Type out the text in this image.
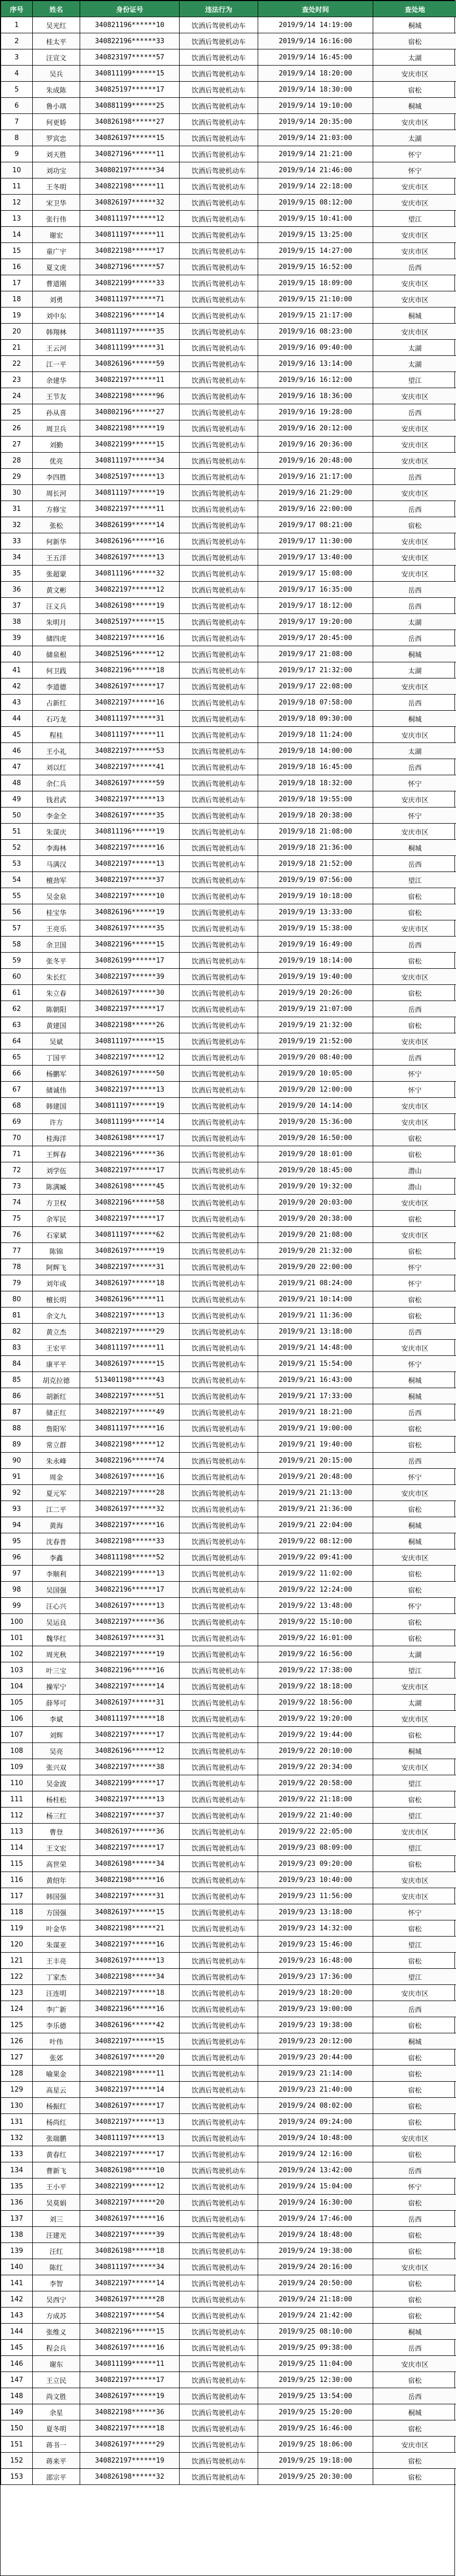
序号	姓名	身份证号	违法行为	查处时间	查处地
1	吴光红	340821196******10	饮酒后驾驶机动车	2019/9/14 14:19:00	桐城
2	桂太平	340822196******33	饮酒后驾驶机动车	2019/9/14 16:16:00	宿松
3	汪宣文	340823197******57	饮酒后驾驶机动车	2019/9/14 16:45:00	太湖
4	吴兵	340811199******15	饮酒后驾驶机动车	2019/9/14 18:20:00	安庆市区
5	朱成陈	340825197******17	饮酒后驾驶机动车	2019/9/14 18:30:00	宿松
6	鲁小琪	340881199******25	饮酒后驾驶机动车	2019/9/14 19:10:00	桐城
7	何更娇	340826198******27	饮酒后驾驶机动车	2019/9/14 20:35:00	安庆市区
8	罗宾忠	340826197******15	饮酒后驾驶机动车	2019/9/14 21:03:00	太湖
9	刘天胜	340827196******11	饮酒后驾驶机动车	2019/9/14 21:21:00	怀宁
10	刘功宝	340802197******34	饮酒后驾驶机动车	2019/9/14 21:46:00	怀宁
11	王冬明	340822198******11	饮酒后驾驶机动车	2019/9/14 22:18:00	安庆市区
12	宋卫华	340826197******32	饮酒后驾驶机动车	2019/9/15 08:12:00	安庆市区
13	张行伟	340811197******12	饮酒后驾驶机动车	2019/9/15 10:41:00	望江
14	谢宏	340811197******11	饮酒后驾驶机动车	2019/9/15 13:25:00	安庆市区
15	童广宇	340822198******17	饮酒后驾驶机动车	2019/9/15 14:27:00	安庆市区
16	夏文虎	340827196******57	饮酒后驾驶机动车	2019/9/15 16:52:00	岳西
17	曹道刚	340822199******33	饮酒后驾驶机动车	2019/9/15 18:09:00	安庆市区
18	刘勇	340811197******71	饮酒后驾驶机动车	2019/9/15 21:10:00	安庆市区
19	刘中东	340822196******14	饮酒后驾驶机动车	2019/9/15 21:17:00	桐城
20	韩翔林	340811197******35	饮酒后驾驶机动车	2019/9/16 08:23:00	安庆市区
21	王云河	340811199******31	饮酒后驾驶机动车	2019/9/16 09:40:00	太湖
22	江一平	340826196******59	饮酒后驾驶机动车	2019/9/16 13:14:00	太湖
23	余建华	340822197******11	饮酒后驾驶机动车	2019/9/16 16:12:00	望江
24	王节友	340822198******96	饮酒后驾驶机动车	2019/9/16 18:36:00	安庆市区
25	孙从喜	340802196******27	饮酒后驾驶机动车	2019/9/16 19:28:00	岳西
26	周卫兵	340822198******19	饮酒后驾驶机动车	2019/9/16 20:12:00	安庆市区
27	刘勤	340822199******15	饮酒后驾驶机动车	2019/9/16 20:36:00	安庆市区
28	优亮	340811197******34	饮酒后驾驶机动车	2019/9/16 20:48:00	安庆市区
29	李四胜	340825197******13	饮酒后驾驶机动车	2019/9/16 21:17:00	岳西
30	周长河	340811197******19	饮酒后驾驶机动车	2019/9/16 21:29:00	安庆市区
31	方修宝	340822197******11	饮酒后驾驶机动车	2019/9/16 22:00:00	岳西
32	张松	340826199******14	饮酒后驾驶机动车	2019/9/17 08:21:00	宿松
33	何新华	340826196******16	饮酒后驾驶机动车	2019/9/17 11:30:00	安庆市区
34	王五洋	340826197******13	饮酒后驾驶机动车	2019/9/17 13:40:00	安庆市区
35	张超蒙	340811196******32	饮酒后驾驶机动车	2019/9/17 15:08:00	安庆市区
36	黄文彬	340822197******12	饮酒后驾驶机动车	2019/9/17 16:35:00	岳西
37	汪义兵	340826198******19	饮酒后驾驶机动车	2019/9/17 18:12:00	岳西
38	朱明月	340825197******15	饮酒后驾驶机动车	2019/9/17 19:20:00	太湖
39	储四虎	340822197******16	饮酒后驾驶机动车	2019/9/17 20:45:00	岳西
40	储泉根	340825196******12	饮酒后驾驶机动车	2019/9/17 21:08:00	桐城
41	何卫践	340822196******18	饮酒后驾驶机动车	2019/9/17 21:32:00	太湖
42	李道德	340826197******17	饮酒后驾驶机动车	2019/9/17 22:08:00	安庆市区
43	占新红	340822197******16	饮酒后驾驶机动车	2019/9/18 07:58:00	岳西
44	石巧龙	340811197******31	饮酒后驾驶机动车	2019/9/18 09:30:00	桐城
45	程桂	340811197******11	饮酒后驾驶机动车	2019/9/18 11:24:00	安庆市区
46	王小礼	340822197******53	饮酒后驾驶机动车	2019/9/18 14:00:00	太湖
47	刘以红	340822197******41	饮酒后驾驶机动车	2019/9/18 16:45:00	岳西
48	余仁兵	340826197******59	饮酒后驾驶机动车	2019/9/18 18:32:00	怀宁
49	钱君武	340822197******13	饮酒后驾驶机动车	2019/9/18 19:55:00	安庆市区
50	李金全	340826197******35	饮酒后驾驶机动车	2019/9/18 20:38:00	怀宁
51	朱谋庆	340811196******19	饮酒后驾驶机动车	2019/9/18 21:08:00	安庆市区
52	李海林	340822197******16	饮酒后驾驶机动车	2019/9/18 21:36:00	桐城
53	马满汉	340822197******13	饮酒后驾驶机动车	2019/9/18 21:52:00	岳西
54	檀劲军	340822197******37	饮酒后驾驶机动车	2019/9/19 07:56:00	望江
55	吴金泉	340822197******10	饮酒后驾驶机动车	2019/9/19 10:18:00	宿松
56	桂宝华	340826196******19	饮酒后驾驶机动车	2019/9/19 13:33:00	宿松
57	王亮乐	340826197******35	饮酒后驾驶机动车	2019/9/19 15:38:00	安庆市区
58	余卫国	340822196******15	饮酒后驾驶机动车	2019/9/19 16:49:00	岳西
59	张冬平	340826199******17	饮酒后驾驶机动车	2019/9/19 18:14:00	宿松
60	朱长红	340822197******39	饮酒后驾驶机动车	2019/9/19 19:40:00	安庆市区
61	朱立春	340826197******30	饮酒后驾驶机动车	2019/9/19 20:26:00	宿松
62	陈朝阳	340822197******17	饮酒后驾驶机动车	2019/9/19 21:07:00	岳西
63	黄建国	340822198******26	饮酒后驾驶机动车	2019/9/19 21:32:00	宿松
64	吴斌	340811197******15	饮酒后驾驶机动车	2019/9/19 21:52:00	安庆市区
65	丁国平	340822197******12	饮酒后驾驶机动车	2019/9/20 08:40:00	岳西
66	杨鹏军	340826197******50	饮酒后驾驶机动车	2019/9/20 10:05:00	怀宁
67	储诚伟	340822197******13	饮酒后驾驶机动车	2019/9/20 12:00:00	怀宁
68	韩建国	340811197******19	饮酒后驾驶机动车	2019/9/20 14:14:00	安庆市区
69	许方	340811199******14	饮酒后驾驶机动车	2019/9/20 15:36:00	安庆市区
70	桂海洋	340826198******17	饮酒后驾驶机动车	2019/9/20 16:50:00	宿松
71	王辉春	340822196******36	饮酒后驾驶机动车	2019/9/20 18:01:00	宿松
72	刘学伍	340822197******17	饮酒后驾驶机动车	2019/9/20 18:45:00	潜山
73	陈满臧	340826198******45	饮酒后驾驶机动车	2019/9/20 19:32:00	潜山
74	方卫权	340822196******58	饮酒后驾驶机动车	2019/9/20 20:03:00	安庆市区
75	余军民	340822197******17	饮酒后驾驶机动车	2019/9/20 20:38:00	宿松
76	石家斌	340811197******62	饮酒后驾驶机动车	2019/9/20 21:08:00	安庆市区
77	陈锦	340826197******19	饮酒后驾驶机动车	2019/9/20 21:32:00	宿松
78	阿辉飞	340822197******31	饮酒后驾驶机动车	2019/9/20 22:00:00	怀宁
79	刘年成	340826197******18	饮酒后驾驶机动车	2019/9/21 08:24:00	怀宁
80	檀长明	340826196******11	饮酒后驾驶机动车	2019/9/21 10:14:00	宿松
81	余文九	340822197******13	饮酒后驾驶机动车	2019/9/21 11:36:00	宿松
82	黄立杰	340822197******29	饮酒后驾驶机动车	2019/9/21 13:18:00	岳西
83	王宏平	340811197******11	饮酒后驾驶机动车	2019/9/21 14:48:00	安庆市区
84	康平平	340826197******15	饮酒后驾驶机动车	2019/9/21 15:54:00	怀宁
85	胡克拉德	513401198******43	饮酒后驾驶机动车	2019/9/21 16:43:00	桐城
86	胡新红	340822197******51	饮酒后驾驶机动车	2019/9/21 17:33:00	桐城
87	储正红	340822197******49	饮酒后驾驶机动车	2019/9/21 18:21:00	岳西
88	詹阳军	340811197******16	饮酒后驾驶机动车	2019/9/21 19:00:00	宿松
89	常立群	340822198******12	饮酒后驾驶机动车	2019/9/21 19:40:00	宿松
90	朱永峰	340822196******74	饮酒后驾驶机动车	2019/9/21 20:15:00	岳西
91	周金	340826197******16	饮酒后驾驶机动车	2019/9/21 20:48:00	怀宁
92	夏元军	340822197******28	饮酒后驾驶机动车	2019/9/21 21:13:00	安庆市区
93	江二平	340826197******32	饮酒后驾驶机动车	2019/9/21 21:36:00	宿松
94	黄海	340822197******16	饮酒后驾驶机动车	2019/9/21 22:04:00	桐城
95	沈春普	340822198******33	饮酒后驾驶机动车	2019/9/22 08:12:00	桐城
96	李鑫	340811198******52	饮酒后驾驶机动车	2019/9/22 09:41:00	安庆市区
97	李顺利	340822199******13	饮酒后驾驶机动车	2019/9/22 11:02:00	宿松
98	吴国强	340822196******17	饮酒后驾驶机动车	2019/9/22 12:24:00	宿松
99	汪心兴	340826197******13	饮酒后驾驶机动车	2019/9/22 13:48:00	怀宁
100	吴运良	340822197******36	饮酒后驾驶机动车	2019/9/22 15:10:00	宿松
101	魏华红	340826197******31	饮酒后驾驶机动车	2019/9/22 16:01:00	宿松
102	周光秋	340822197******19	饮酒后驾驶机动车	2019/9/22 16:56:00	太湖
103	叶三宝	340822196******16	饮酒后驾驶机动车	2019/9/22 17:38:00	望江
104	操军宁	340822197******14	饮酒后驾驶机动车	2019/9/22 18:18:00	安庆市区
105	薛琴可	340826197******31	饮酒后驾驶机动车	2019/9/22 18:56:00	太湖
106	李斌	340811197******18	饮酒后驾驶机动车	2019/9/22 19:20:00	安庆市区
107	刘辉	340822197******17	饮酒后驾驶机动车	2019/9/22 19:44:00	宿松
108	吴亮	340826196******12	饮酒后驾驶机动车	2019/9/22 20:10:00	桐城
109	张兴双	340822197******38	饮酒后驾驶机动车	2019/9/22 20:34:00	安庆市区
110	吴金波	340822199******17	饮酒后驾驶机动车	2019/9/22 20:58:00	望江
111	杨柱松	340822197******13	饮酒后驾驶机动车	2019/9/22 21:18:00	宿松
112	杨三红	340822197******37	饮酒后驾驶机动车	2019/9/22 21:40:00	望江
113	曹登	340826197******36	饮酒后驾驶机动车	2019/9/22 22:05:00	安庆市区
114	王文宏	340822197******17	饮酒后驾驶机动车	2019/9/23 08:09:00	望江
115	高世荣	340826198******34	饮酒后驾驶机动车	2019/9/23 09:20:00	宿松
116	黄绍年	340822198******16	饮酒后驾驶机动车	2019/9/23 10:40:00	安庆市区
117	韩国强	340822197******31	饮酒后驾驶机动车	2019/9/23 11:56:00	安庆市区
118	方国强	340826197******15	饮酒后驾驶机动车	2019/9/23 13:18:00	怀宁
119	叶金华	340822198******21	饮酒后驾驶机动车	2019/9/23 14:32:00	宿松
120	朱谋亚	340822197******16	饮酒后驾驶机动车	2019/9/23 15:46:00	望江
121	王丰亮	340826197******13	饮酒后驾驶机动车	2019/9/23 16:48:00	宿松
122	丁家杰	340822198******34	饮酒后驾驶机动车	2019/9/23 17:36:00	望江
123	汪连明	340822197******18	饮酒后驾驶机动车	2019/9/23 18:20:00	安庆市区
124	李广新	340822196******16	饮酒后驾驶机动车	2019/9/23 19:00:00	岳西
125	李乐德	340826196******42	饮酒后驾驶机动车	2019/9/23 19:38:00	宿松
126	叶伟	340822197******15	饮酒后驾驶机动车	2019/9/23 20:12:00	桐城
127	张郊	340826197******20	饮酒后驾驶机动车	2019/9/23 20:44:00	宿松
128	喻果金	340822198******11	饮酒后驾驶机动车	2019/9/23 21:14:00	宿松
129	高星云	340822197******14	饮酒后驾驶机动车	2019/9/23 21:40:00	宿松
130	杨振红	340826197******17	饮酒后驾驶机动车	2019/9/24 08:02:00	宿松
131	杨尚红	340822197******13	饮酒后驾驶机动车	2019/9/24 09:24:00	宿松
132	张瑞鹏	340811197******13	饮酒后驾驶机动车	2019/9/24 10:48:00	安庆市区
133	黄春红	340822197******17	饮酒后驾驶机动车	2019/9/24 12:16:00	宿松
134	曹新飞	340826198******10	饮酒后驾驶机动车	2019/9/24 13:42:00	岳西
135	王小平	340822199******12	饮酒后驾驶机动车	2019/9/24 15:04:00	怀宁
136	吴莫娟	340822197******20	饮酒后驾驶机动车	2019/9/24 16:30:00	宿松
137	刘三	340826197******16	饮酒后驾驶机动车	2019/9/24 17:46:00	岳西
138	汪建光	340822197******39	饮酒后驾驶机动车	2019/9/24 18:48:00	宿松
139	汪红	340826198******18	饮酒后驾驶机动车	2019/9/24 19:38:00	宿松
140	陈红	340811197******34	饮酒后驾驶机动车	2019/9/24 20:16:00	安庆市区
141	李智	340822197******14	饮酒后驾驶机动车	2019/9/24 20:50:00	宿松
142	吴西宁	340826197******28	饮酒后驾驶机动车	2019/9/24 21:18:00	宿松
143	方成苏	340822197******54	饮酒后驾驶机动车	2019/9/24 21:42:00	宿松
144	张维义	340822196******15	饮酒后驾驶机动车	2019/9/25 08:10:00	桐城
145	程会兵	340826197******16	饮酒后驾驶机动车	2019/9/25 09:38:00	岳西
146	谢东	340811199******11	饮酒后驾驶机动车	2019/9/25 11:04:00	安庆市区
147	王立民	340822197******17	饮酒后驾驶机动车	2019/9/25 12:30:00	宿松
148	尚文胜	340826197******19	饮酒后驾驶机动车	2019/9/25 13:54:00	岳西
149	余星	340822198******36	饮酒后驾驶机动车	2019/9/25 15:20:00	桐城
150	夏冬明	340822197******18	饮酒后驾驶机动车	2019/9/25 16:46:00	宿松
151	蒋书一	340826197******29	饮酒后驾驶机动车	2019/9/25 18:06:00	安庆市区
152	蒋来平	340822197******19	饮酒后驾驶机动车	2019/9/25 19:18:00	宿松
153	邵宗平	340826198******32	饮酒后驾驶机动车	2019/9/25 20:30:00	宿松
